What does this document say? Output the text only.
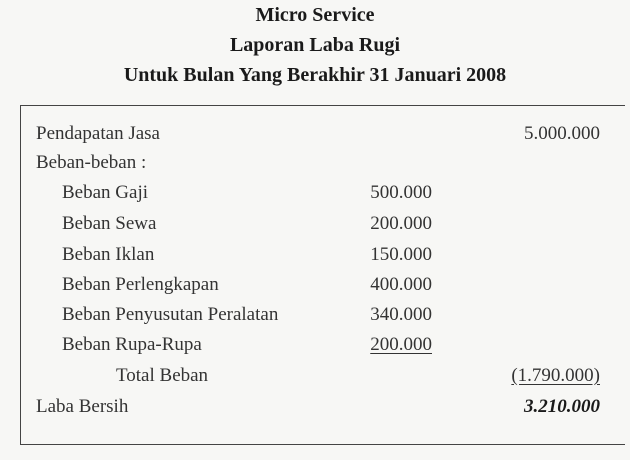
Micro Service
Laporan Laba Rugi
Untuk Bulan Yang Berakhir 31 Januari 2008
Pendapatan Jasa	5.000.000
Beban-beban :
Beban Gaji	500.000
Beban Sewa	200.000
Beban Iklan	150.000
Beban Perlengkapan	400.000
Beban Penyusutan Peralatan	340.000
Beban Rupa-Rupa	200.000
Total Beban	(1.790.000)
Laba Bersih	3.210.000
